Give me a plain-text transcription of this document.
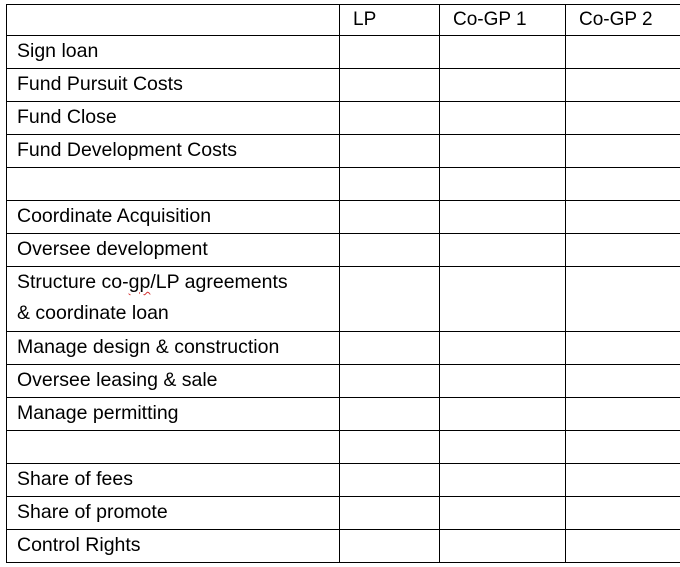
	LP	Co-GP 1	Co-GP 2
Sign loan			
Fund Pursuit Costs			
Fund Close			
Fund Development Costs			

Coordinate Acquisition			
Oversee development			
Structure co-gp/LP agreements
& coordinate loan			
Manage design & construction			
Oversee leasing & sale			
Manage permitting			

Share of fees			
Share of promote			
Control Rights			
